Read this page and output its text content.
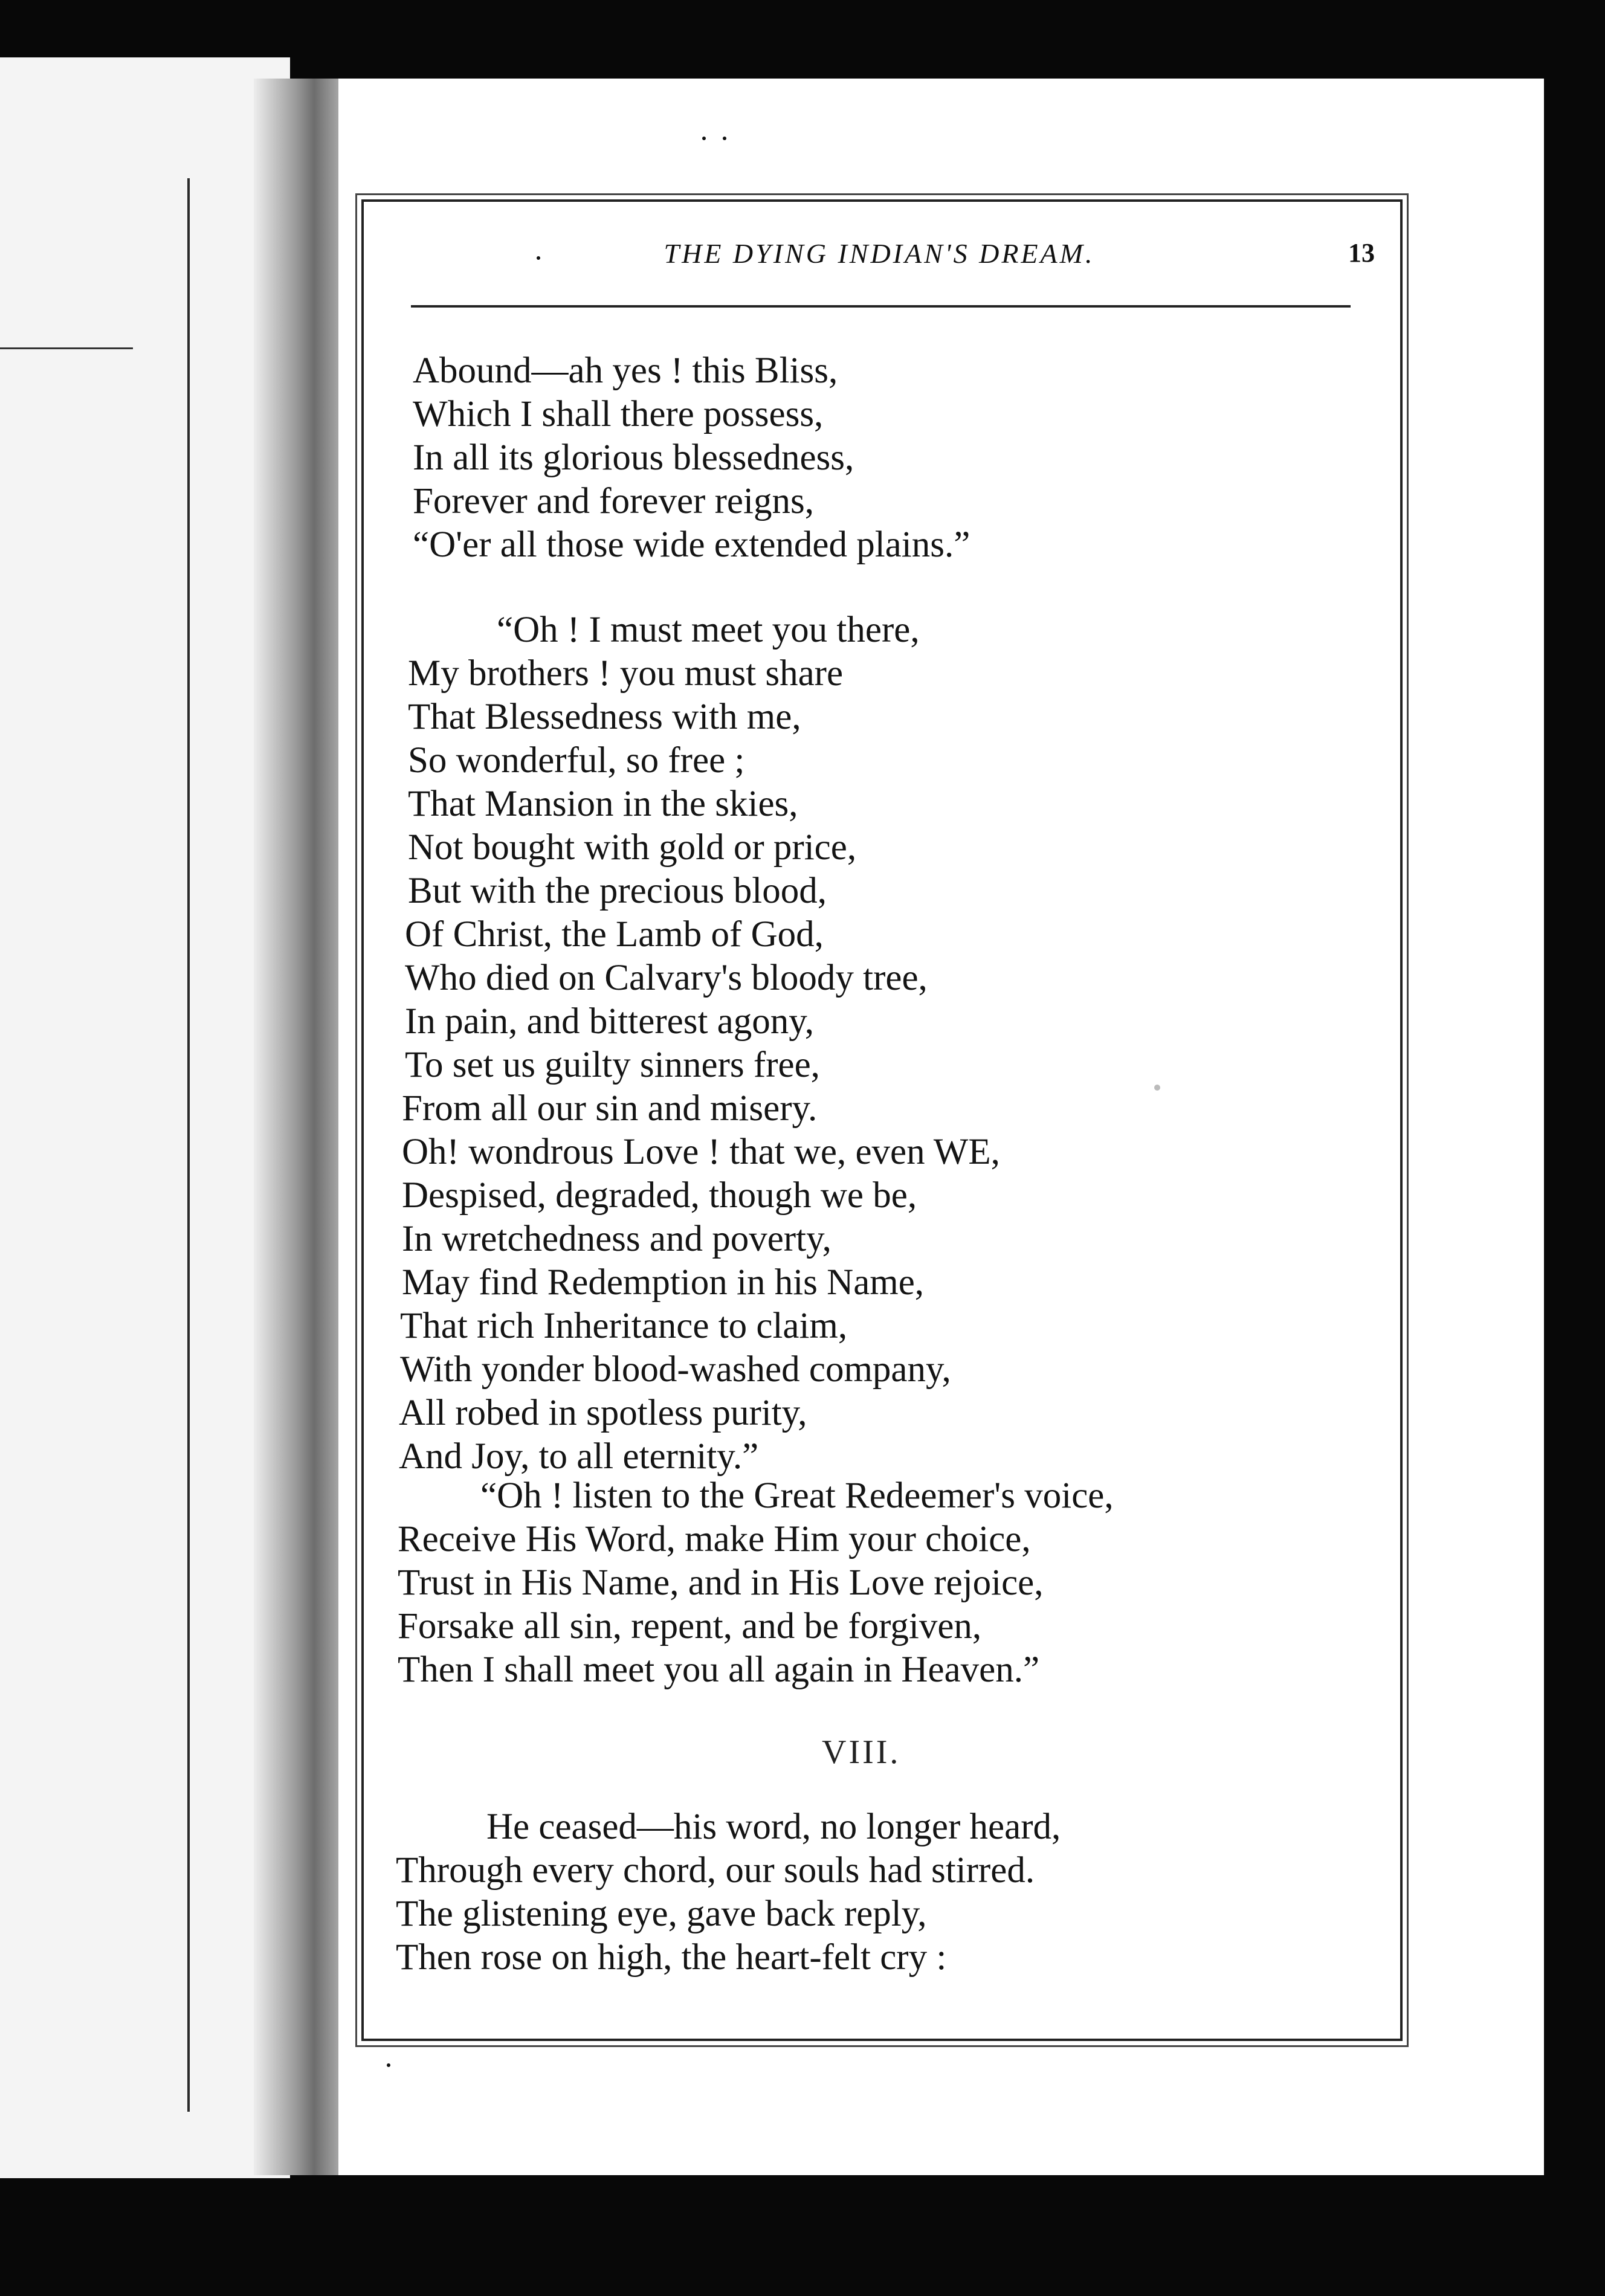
THE DYING INDIAN'S DREAM.	13
Abound—ah yes ! this Bliss,
Which I shall there possess,
In all its glorious blessedness,
Forever and forever reigns,
“O'er all those wide extended plains.”
“Oh ! I must meet you there,
My brothers ! you must share
That Blessedness with me,
So wonderful, so free ;
That Mansion in the skies,
Not bought with gold or price,
But with the precious blood,
Of Christ, the Lamb of God,
Who died on Calvary's bloody tree,
In pain, and bitterest agony,
To set us guilty sinners free,
From all our sin and misery.
Oh! wondrous Love ! that we, even WE,
Despised, degraded, though we be,
In wretchedness and poverty,
May find Redemption in his Name,
That rich Inheritance to claim,
With yonder blood-washed company,
All robed in spotless purity,
And Joy, to all eternity.”
“Oh ! listen to the Great Redeemer's voice,
Receive His Word, make Him your choice,
Trust in His Name, and in His Love rejoice,
Forsake all sin, repent, and be forgiven,
Then I shall meet you all again in Heaven.”
VIII.
He ceased—his word, no longer heard,
Through every chord, our souls had stirred.
The glistening eye, gave back reply,
Then rose on high, the heart-felt cry :
